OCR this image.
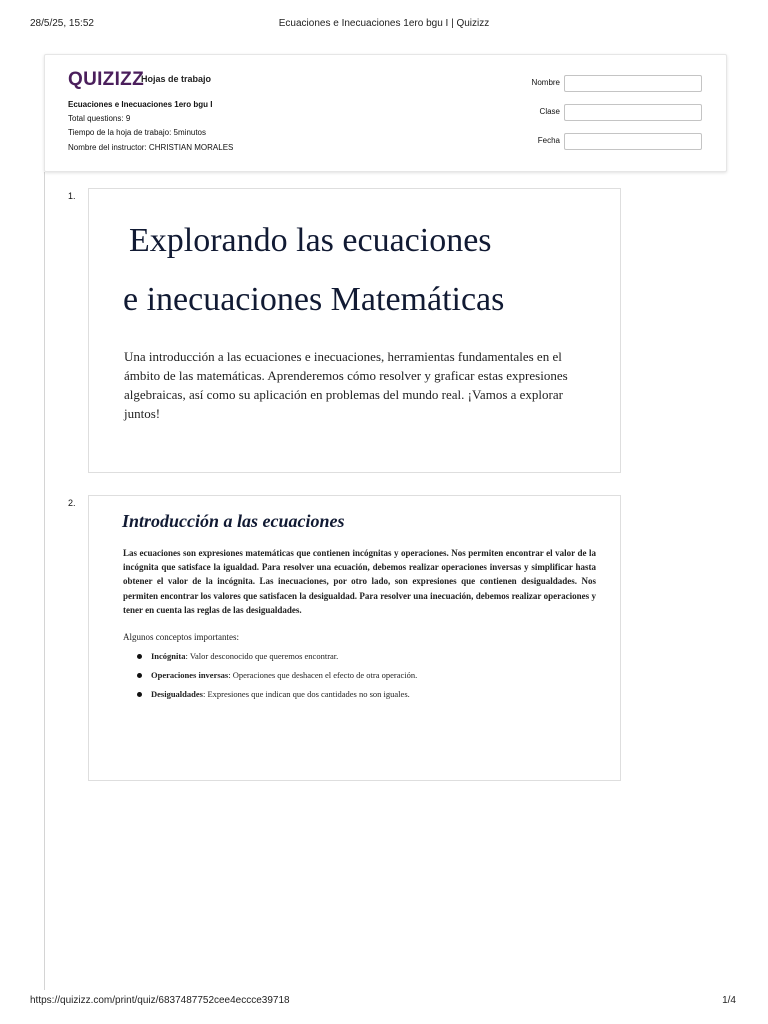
28/5/25, 15:52	Ecuaciones e Inecuaciones 1ero bgu I | Quizizz
QUIZIZZ
Hojas de trabajo
Ecuaciones e Inecuaciones 1ero bgu I
Total questions: 9
Tiempo de la hoja de trabajo: 5minutos
Nombre del instructor: CHRISTIAN MORALES
Nombre
Clase
Fecha
1.
Explorando las ecuaciones
e inecuaciones Matemáticas
Una introducción a las ecuaciones e inecuaciones, herramientas fundamentales en el ámbito de las matemáticas. Aprenderemos cómo resolver y graficar estas expresiones algebraicas, así como su aplicación en problemas del mundo real. ¡Vamos a explorar juntos!
2.
Introducción a las ecuaciones
Las ecuaciones son expresiones matemáticas que contienen incógnitas y operaciones. Nos permiten encontrar el valor de la incógnita que satisface la igualdad. Para resolver una ecuación, debemos realizar operaciones inversas y simplificar hasta obtener el valor de la incógnita. Las inecuaciones, por otro lado, son expresiones que contienen desigualdades. Nos permiten encontrar los valores que satisfacen la desigualdad. Para resolver una inecuación, debemos realizar operaciones y tener en cuenta las reglas de las desigualdades.
Algunos conceptos importantes:
Incógnita: Valor desconocido que queremos encontrar.
Operaciones inversas: Operaciones que deshacen el efecto de otra operación.
Desigualdades: Expresiones que indican que dos cantidades no son iguales.
https://quizizz.com/print/quiz/6837487752cee4eccce39718	1/4
